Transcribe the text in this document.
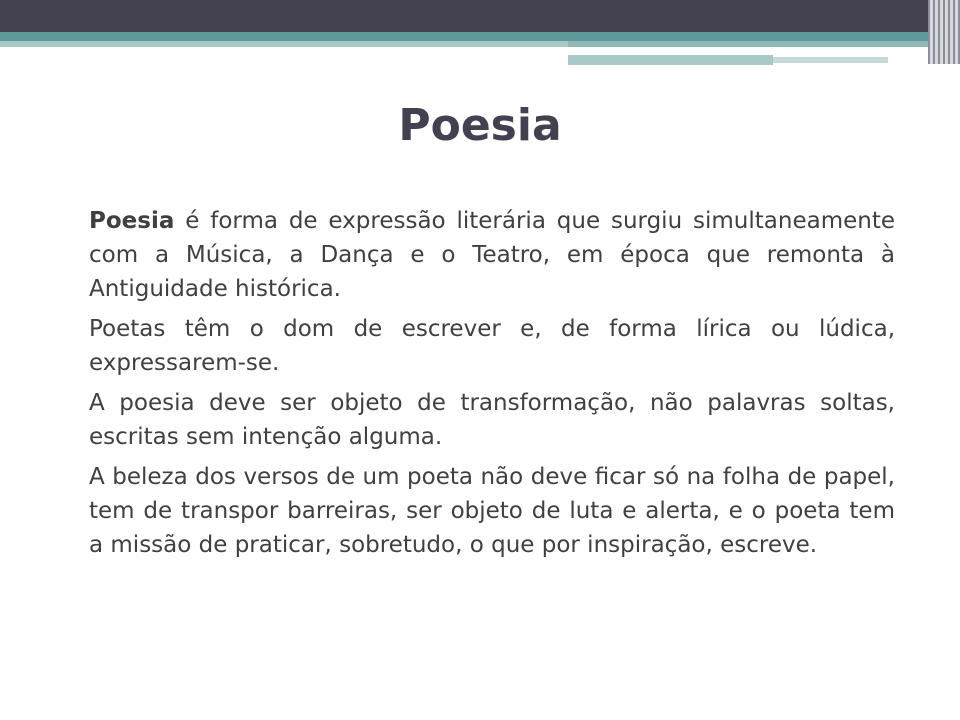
Poesia

Poesia é forma de expressão literária que surgiu simultaneamente com a Música, a Dança e o Teatro, em época que remonta à Antiguidade histórica.

Poetas têm o dom de escrever e, de forma lírica ou lúdica, expressarem-se.

A poesia deve ser objeto de transformação, não palavras soltas, escritas sem intenção alguma.

A beleza dos versos de um poeta não deve ficar só na folha de papel, tem de transpor barreiras, ser objeto de luta e alerta, e o poeta tem a missão de praticar, sobretudo, o que por inspiração, escreve.
